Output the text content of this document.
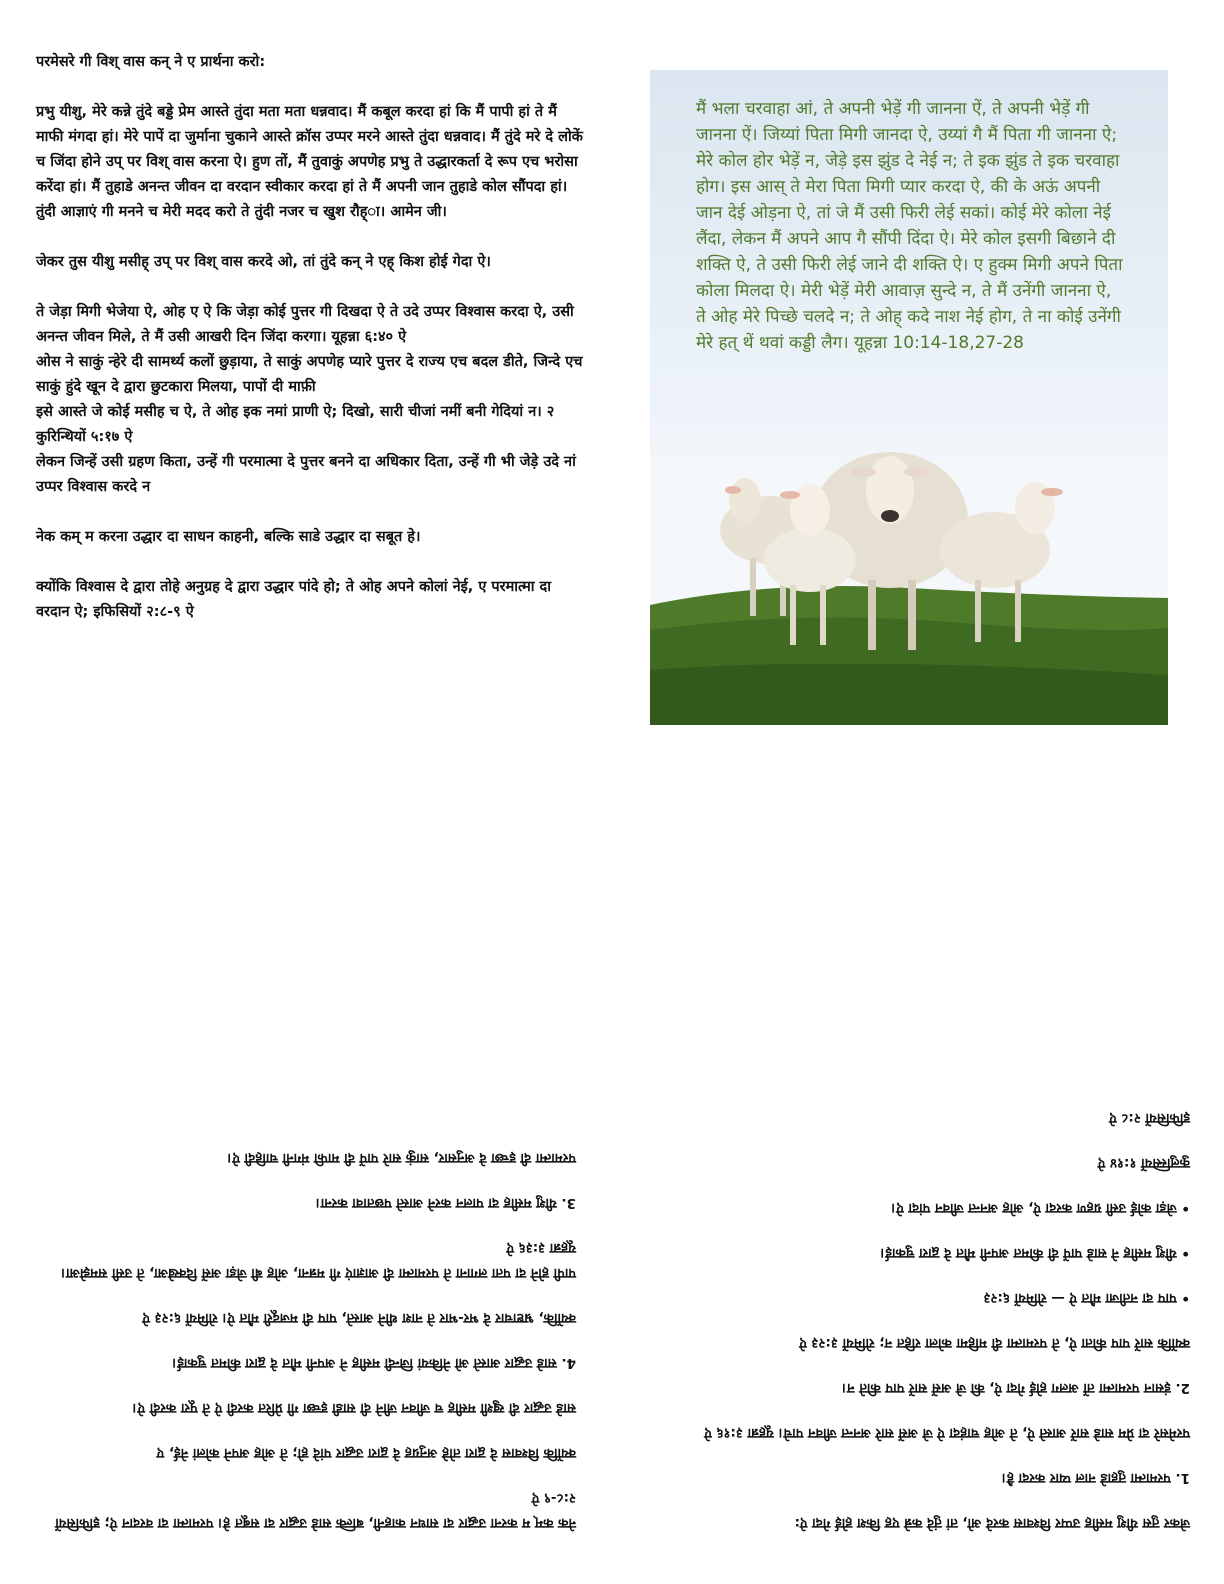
परमेसरे गी विश् वास कन् ने ए प्रार्थना करो:

प्रभु यीशु, मेरे कन्ने तुंदे बड्डे प्रेम आस्ते तुंदा मता मता धन्नवाद। मैं कबूल करदा हां कि मैं पापी हां ते मैं माफी मंगदा हां। मेरे पापें दा जुर्माना चुकाने आस्ते क्रॉस उप्पर मरने आस्ते तुंदा धन्नवाद। मैं तुंदे मरे दे लोकें च जिंदा होने उप् पर विश् वास करना ऐ। हुण तों, मैं तुवाकुं अपणेह प्रभु ते उद्धारकर्ता दे रूप एच भरोसा करेंदा हां। मैं तुहाडे अनन्त जीवन दा वरदान स्वीकार करदा हां ते मैं अपनी जान तुहाडे कोल सौंपदा हां। तुंदी आज्ञाएं गी मनने च मेरी मदद करो ते तुंदी नजर च खुश रौह्‌ा। आमेन जी।

जेकर तुस यीशु मसीह् उप् पर विश् वास करदे ओ, तां तुंदे कन् ने एह् किश होई गेदा ऐ।

ते जेड़ा मिगी भेजेया ऐ, ओह ए ऐ कि जेड़ा कोई पुत्तर गी दिखदा ऐ ते उदे उप्पर विश्वास करदा ऐ, उसी अनन्त जीवन मिले, ते मैं उसी आखरी दिन जिंदा करगा। यूहन्ना ६:४० ऐ

ओस ने साकुं न्हेरे दी सामर्थ्य कलों छुड़ाया, ते साकुं अपणेह प्यारे पुत्तर दे राज्य एच बदल डीते, जिन्दे एच साकुं हुंदे खून दे द्वारा छुटकारा मिलया, पापों दी माफ़ी

इसे आस्ते जे कोई मसीह च ऐ, ते ओह इक नमां प्राणी ऐ; दिखो, सारी चीजां नमीं बनी गेदियां न। २ कुरिन्थियों ५:१७ ऐ

लेकन जिन्हें उसी ग्रहण किता, उन्हें गी परमात्मा दे पुत्तर बनने दा अधिकार दिता, उन्हें गी भी जेड़े उदे नां उप्पर विश्वास करदे न

नेक कम् म करना उद्धार दा साधन काहनी, बल्कि साडे उद्धार दा सबूत हे।

क्योंकि विश्वास दे द्वारा तोहे अनुग्रह दे द्वारा उद्धार पांदे हो; ते ओह अपने कोलां नेई, ए परमात्मा दा वरदान ऐ; इफिसियों २:८-९ ऐ

मैं भला चरवाहा आं, ते अपनी भेड़ें गी जानना ऐं, ते अपनी भेड़ें गी जानना ऐं। जिय्यां पिता मिगी जानदा ऐ, उय्यां गै मैं पिता गी जानना ऐ; मेरे कोल होर भेड़ें न, जेड़े इस झुंड दे नेई न; ते इक झुंड ते इक चरवाहा होग। इस आस् ते मेरा पिता मिगी प्यार करदा ऐ, की के अऊं अपनी जान देई ओड़ना ऐ, तां जे मैं उसी फिरी लेई सकां। कोई मेरे कोला नेई लैंदा, लेकन मैं अपने आप गै सौंपी दिंदा ऐ। मेरे कोल इसगी बिछाने दी शक्ति ऐ, ते उसी फिरी लेई जाने दी शक्ति ऐ। ए हुक्म मिगी अपने पिता कोला मिलदा ऐ। मेरी भेड़ें मेरी आवाज़ सुन्दे न, ते मैं उनेंगी जानना ऐ, ते ओह मेरे पिच्छे चलदे न; ते ओह् कदे नाश नेई होग, ते ना कोई उनेंगी मेरे हत् थें थवां कड्डी लैग। यूहन्ना 10:14-18,27-28

नेक कम् म करना उद्धार दा साधन काहनी, बल्कि साडे उद्धार दा सबूत हे। परमात्मा दा वरदान ऐ; इफिसियों २:८-९ ऐ

क्योंकि विश्वास दे द्वारा तोहे अनुग्रह दे द्वारा उद्धार पांदे हो; ते ओह अपने कोलां नेई, ए

साडे उद्धार दी खुशी मसीह च जीवन जीने दी साडी इच्छा गी प्रेरित करदी ऐ ते पूरा करदी ऐ।

4. साडे उद्धार आस्ते ओ नेकियां जिन्दी मसीह ने अपनी मौत दे द्वारा कीमत चुकाई।

क्योंकि, भ्रष्टाचार दे भर-भार ते नाश थीने आस्ते, पाप दी मजदूरी मौत ऐ। रोमियों ६:२३ ऐ

पापी होने दा पता लगाना ते परमात्मा दी आज्ञाएं गी मन्नना, ओह बी जेड़ा असें दिक्खेआ, ते उसी समझेआ। यूहन्ना ३:३६ ऐ

3. यीशु मसीह दा पालन करने आस्ते पछतावा करना।

परमात्मा दी इच्छा दे अनुसार, साकुं सारे पापें दी माफी मंगनी चाहिदी ऐ।

जेकर तुस यीशु मसीह उप्पर विश्वास करदे ओ, तां तुंदे कन्ने एह किश होई गेदा ऐ:

1. परमात्मा तुहाडे नाल प्यार करदा है।

परमेसरे दा प्रेम साडे सारें आस्ते ऐ, ते ओह चाहंदा ऐ जे असें सारे अनन्त जीवन पाचे। यूहन्ना ३:१६ ऐ

2. इंसान परमात्मा तों अलग होई गेदा ऐ, की जे असें सारें पाप कीते न।

क्योंकि सारें पाप कीता ऐ, ते परमात्मा दी महिमा कोला रहित न; रोमियों ३:२३ ऐ

• पाप दा नतीजा मौत ऐ — रोमियों ६:२३

• यीशु मसीह ने साडे पापें दी कीमत अपनी मौत दे द्वारा चुकाई।

• जेड़ा कोई उसी ग्रहण करदा ऐ, ओह अनन्त जीवन पांदा ऐ।

कुलुस्सियों १:१४ ऐ

इफिसियों २:८ ऐ
